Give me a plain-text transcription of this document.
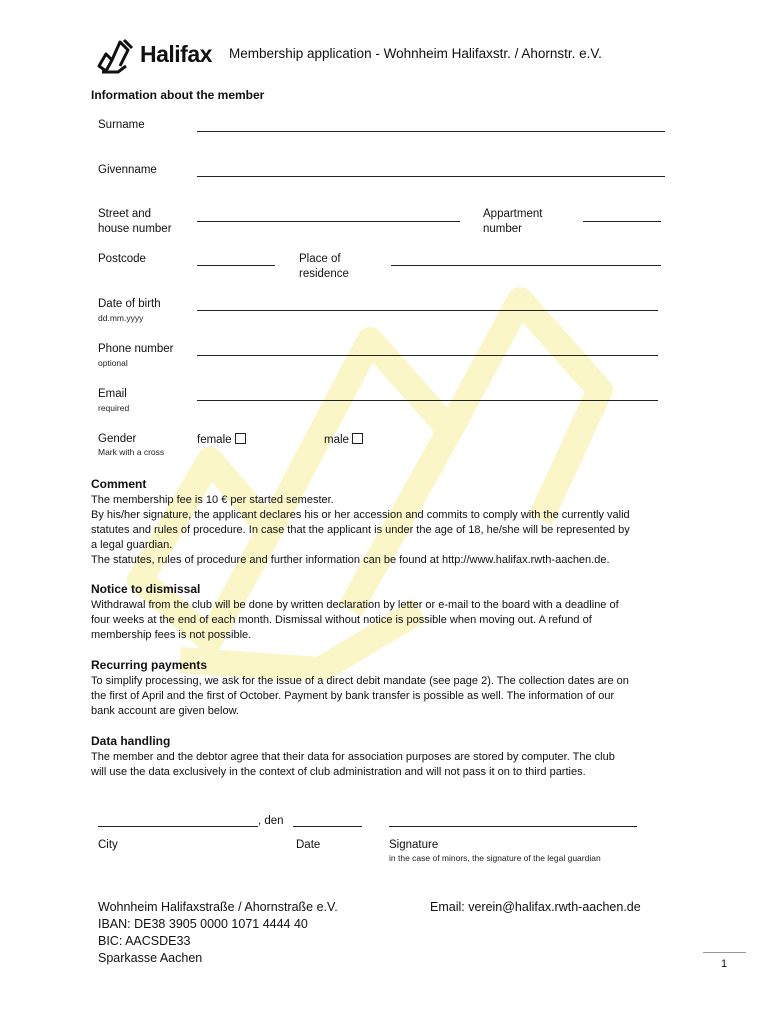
Halifax Membership application - Wohnheim Halifaxstr. / Ahornstr. e.V.
Information about the member
Surname
Givenname
Street and
house number
Appartment
number
Postcode	Place of
residence
Date of birth
dd.mm.yyyy
Phone number
optional
Email
required
Gender
Mark with a cross
female	male
Comment

The membership fee is 10 € per started semester.

By his/her signature, the applicant declares his or her accession and commits to comply with the currently valid

statutes and rules of procedure. In case that the applicant is under the age of 18, he/she will be represented by

a legal guardian.

The statutes, rules of procedure and further information can be found at http://www.halifax.rwth-aachen.de.

Notice to dismissal

Withdrawal from the club will be done by written declaration by letter or e-mail to the board with a deadline of

four weeks at the end of each month. Dismissal without notice is possible when moving out. A refund of

membership fees is not possible.

Recurring payments

To simplify processing, we ask for the issue of a direct debit mandate (see page 2). The collection dates are on

the first of April and the first of October. Payment by bank transfer is possible as well. The information of our

bank account are given below.

Data handling

The member and the debtor agree that their data for association purposes are stored by computer. The club

will use the data exclusively in the context of club administration and will not pass it on to third parties.

, den
City	Date	Signature
in the case of minors, the signature of the legal guardian
Wohnheim Halifaxstraße / Ahornstraße e.V.
IBAN: DE38 3905 0000 1071 4444 40
BIC: AACSDE33
Sparkasse Aachen
Email: verein@halifax.rwth-aachen.de
1
